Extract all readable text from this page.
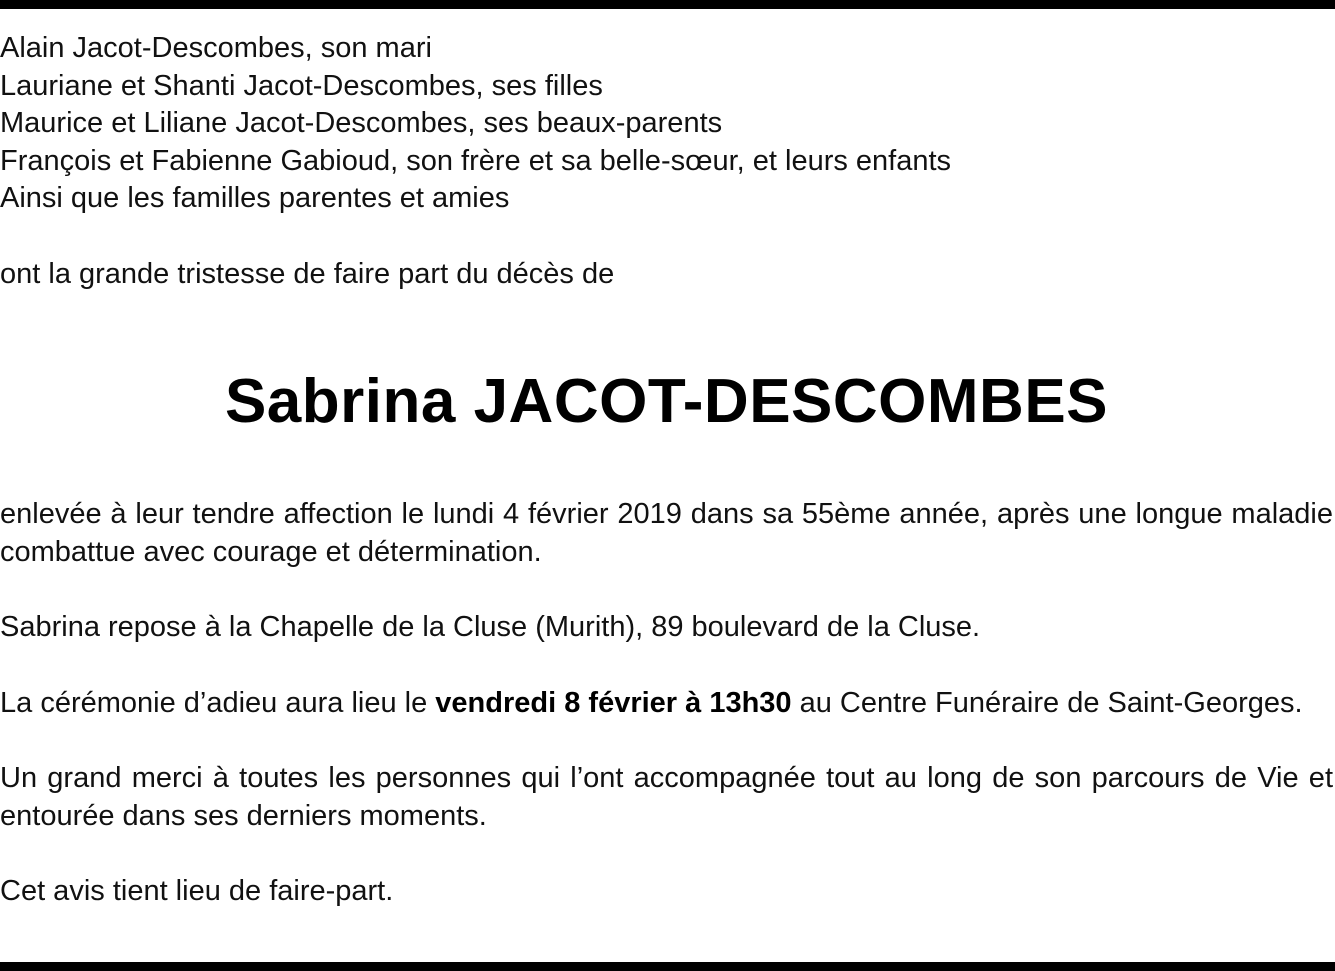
Alain Jacot-Descombes, son mari
Lauriane et Shanti Jacot-Descombes, ses filles
Maurice et Liliane Jacot-Descombes, ses beaux-parents
François et Fabienne Gabioud, son frère et sa belle-sœur, et leurs enfants
Ainsi que les familles parentes et amies

ont la grande tristesse de faire part du décès de

Sabrina JACOT-DESCOMBES

enlevée à leur tendre affection le lundi 4 février 2019 dans sa 55ème année, après une longue maladie combattue avec courage et détermination.

Sabrina repose à la Chapelle de la Cluse (Murith), 89 boulevard de la Cluse.

La cérémonie d’adieu aura lieu le vendredi 8 février à 13h30 au Centre Funéraire de Saint-Georges.

Un grand merci à toutes les personnes qui l’ont accompagnée tout au long de son parcours de Vie et entourée dans ses derniers moments.

Cet avis tient lieu de faire-part.
